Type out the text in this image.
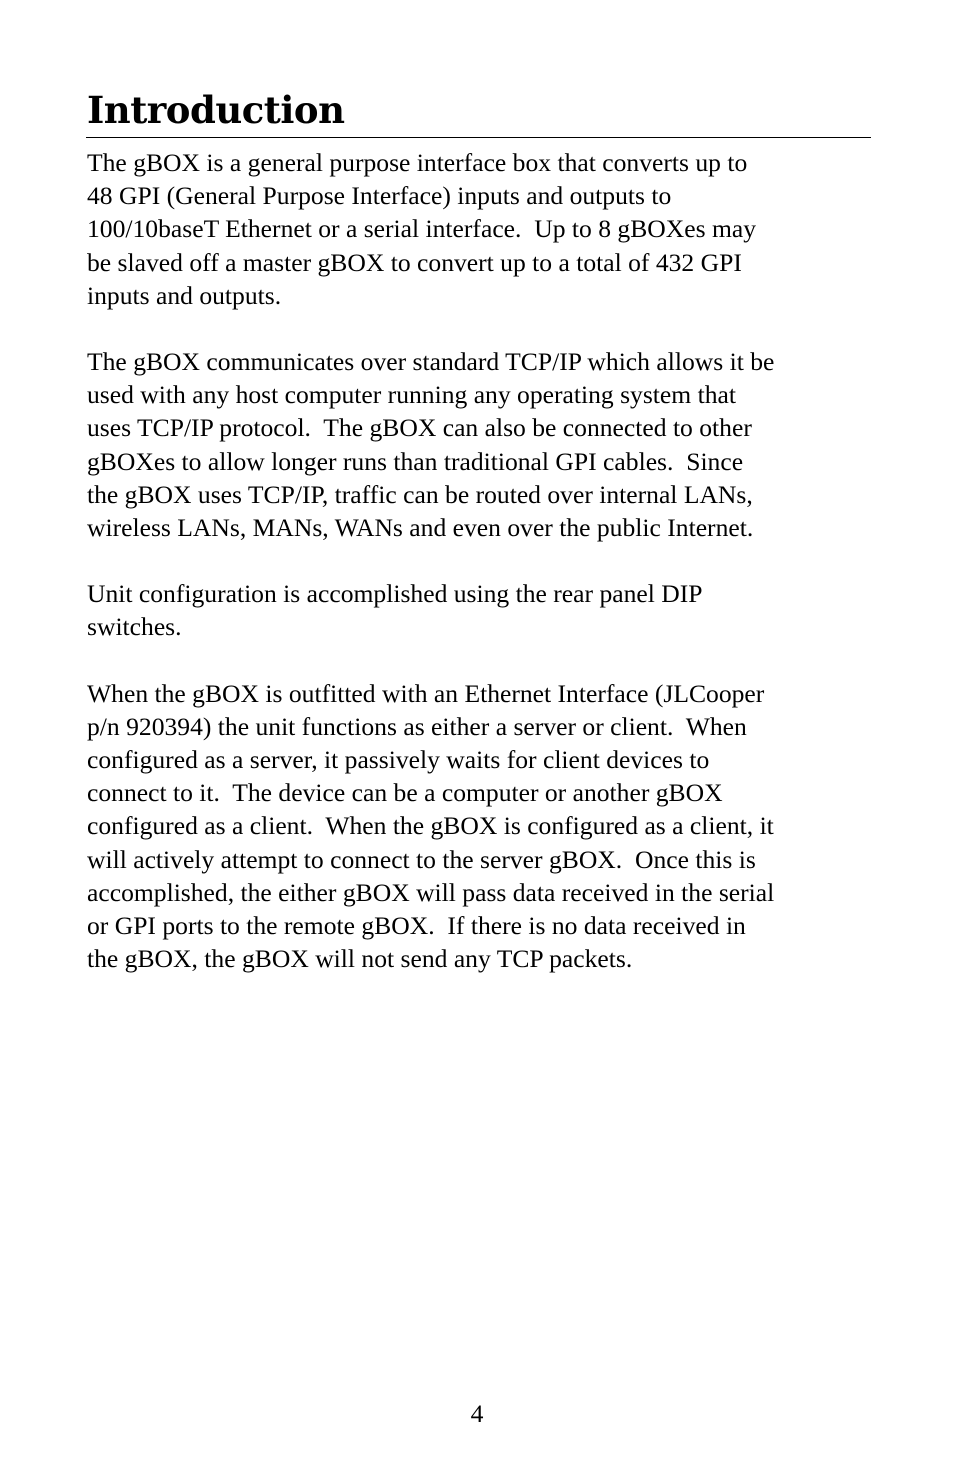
Introduction

The gBOX is a general purpose interface box that converts up to
48 GPI (General Purpose Interface) inputs and outputs to
100/10baseT Ethernet or a serial interface.  Up to 8 gBOXes may
be slaved off a master gBOX to convert up to a total of 432 GPI
inputs and outputs.

The gBOX communicates over standard TCP/IP which allows it be
used with any host computer running any operating system that
uses TCP/IP protocol.  The gBOX can also be connected to other
gBOXes to allow longer runs than traditional GPI cables.  Since
the gBOX uses TCP/IP, traffic can be routed over internal LANs,
wireless LANs, MANs, WANs and even over the public Internet.

Unit configuration is accomplished using the rear panel DIP
switches.

When the gBOX is outfitted with an Ethernet Interface (JLCooper
p/n 920394) the unit functions as either a server or client.  When
configured as a server, it passively waits for client devices to
connect to it.  The device can be a computer or another gBOX
configured as a client.  When the gBOX is configured as a client, it
will actively attempt to connect to the server gBOX.  Once this is
accomplished, the either gBOX will pass data received in the serial
or GPI ports to the remote gBOX.  If there is no data received in
the gBOX, the gBOX will not send any TCP packets.

4
